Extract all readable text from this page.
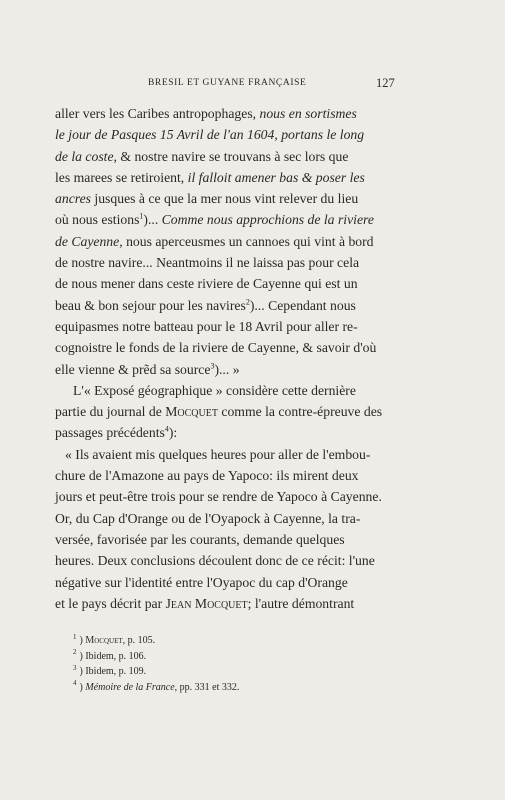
BRESIL ET GUYANE FRANÇAISE	127

aller vers les Caribes antropophages, nous en sortismes
le jour de Pasques 15 Avril de l'an 1604, portans le long
de la coste, & nostre navire se trouvans à sec lors que
les marees se retiroient, il falloit amener bas & poser les
ancres jusques à ce que la mer nous vint relever du lieu
où nous estions$^1$)... Comme nous approchions de la riviere
de Cayenne, nous aperceusmes un cannoes qui vint à bord
de nostre navire... Neantmoins il ne laissa pas pour cela
de nous mener dans ceste riviere de Cayenne qui est un
beau & bon sejour pour les navires$^2$)... Cependant nous
equipasmes notre batteau pour le 18 Avril pour aller re-
cognoistre le fonds de la riviere de Cayenne, & savoir d'où
elle vienne & prẽd sa source$^3$)... »

L'« Exposé géographique » considère cette dernière
partie du journal de Mocquet comme la contre-épreuve des
passages précédents$^4$):

« Ils avaient mis quelques heures pour aller de l'embou-
chure de l'Amazone au pays de Yapoco: ils mirent deux
jours et peut-être trois pour se rendre de Yapoco à Cayenne.
Or, du Cap d'Orange ou de l'Oyapock à Cayenne, la tra-
versée, favorisée par les courants, demande quelques
heures. Deux conclusions découlent donc de ce récit: l'une
négative sur l'identité entre l'Oyapoc du cap d'Orange
et le pays décrit par Jean Mocquet; l'autre démontrant

$^1$ ) Mocquet, p. 105.
$^2$ ) Ibidem, p. 106.
$^3$ ) Ibidem, p. 109.
$^4$ ) Mémoire de la France, pp. 331 et 332.
